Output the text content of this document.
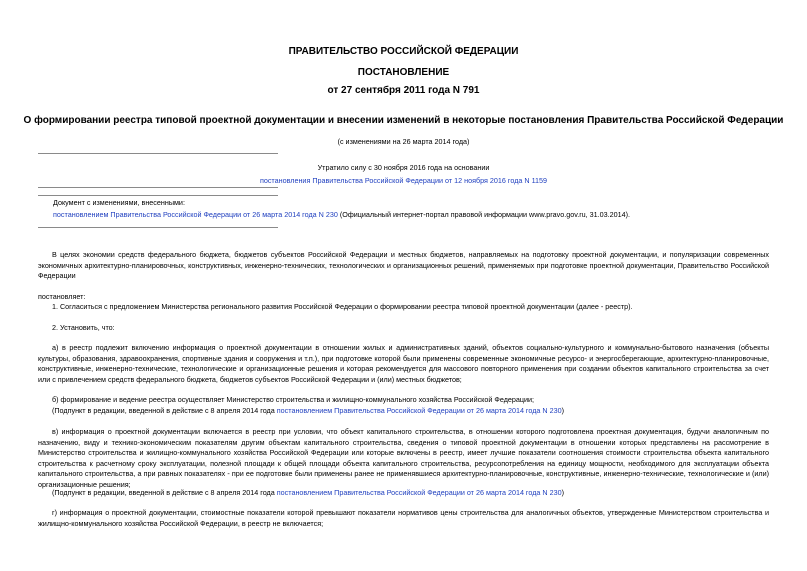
ПРАВИТЕЛЬСТВО РОССИЙСКОЙ ФЕДЕРАЦИИ
ПОСТАНОВЛЕНИЕ
от 27 сентября 2011 года N 791
О формировании реестра типовой проектной документации и внесении изменений в некоторые постановления Правительства Российской Федерации
(с изменениями на 26 марта 2014 года)
Утратило силу с 30 ноября 2016 года на основании
постановления Правительства Российской Федерации от 12 ноября 2016 года N 1159
Документ с изменениями, внесенными:
постановлением Правительства Российской Федерации от 26 марта 2014 года N 230 (Официальный интернет-портал правовой информации www.pravo.gov.ru, 31.03.2014).
В целях экономии средств федерального бюджета, бюджетов субъектов Российской Федерации и местных бюджетов, направляемых на подготовку проектной документации, и популяризации современных экономичных архитектурно-планировочных, конструктивных, инженерно-технических, технологических и организационных решений, применяемых при подготовке проектной документации, Правительство Российской Федерации
постановляет:
1. Согласиться с предложением Министерства регионального развития Российской Федерации о формировании реестра типовой проектной документации (далее - реестр).
2. Установить, что:
а) в реестр подлежит включению информация о проектной документации в отношении жилых и административных зданий, объектов социально-культурного и коммунально-бытового назначения (объекты культуры, образования, здравоохранения, спортивные здания и сооружения и т.п.), при подготовке которой были применены современные экономичные ресурсо- и энергосберегающие, архитектурно-планировочные, конструктивные, инженерно-технические, технологические и организационные решения и которая рекомендуется для массового повторного применения при создании объектов капитального строительства за счет или с привлечением средств федерального бюджета, бюджетов субъектов Российской Федерации и (или) местных бюджетов;
б) формирование и ведение реестра осуществляет Министерство строительства и жилищно-коммунального хозяйства Российской Федерации;
(Подпункт в редакции, введенной в действие с 8 апреля 2014 года постановлением Правительства Российской Федерации от 26 марта 2014 года N 230)
в) информация о проектной документации включается в реестр при условии, что объект капитального строительства, в отношении которого подготовлена проектная документация, будучи аналогичным по назначению, виду и технико-экономическим показателям другим объектам капитального строительства, сведения о типовой проектной документации в отношении которых представлены на рассмотрение в Министерство строительства и жилищно-коммунального хозяйства Российской Федерации или которые включены в реестр, имеет лучшие показатели соотношения стоимости строительства объекта капитального строительства к расчетному сроку эксплуатации, полезной площади к общей площади объекта капитального строительства, ресурсопотребления на единицу мощности, необходимого для эксплуатации объекта капитального строительства, а при равных показателях - при ее подготовке были применены ранее не применявшиеся архитектурно-планировочные, конструктивные, инженерно-технические, технологические и (или) организационные решения;
(Подпункт в редакции, введенной в действие с 8 апреля 2014 года постановлением Правительства Российской Федерации от 26 марта 2014 года N 230)
г) информация о проектной документации, стоимостные показатели которой превышают показатели нормативов цены строительства для аналогичных объектов, утвержденные Министерством строительства и жилищно-коммунального хозяйства Российской Федерации, в реестр не включается;
